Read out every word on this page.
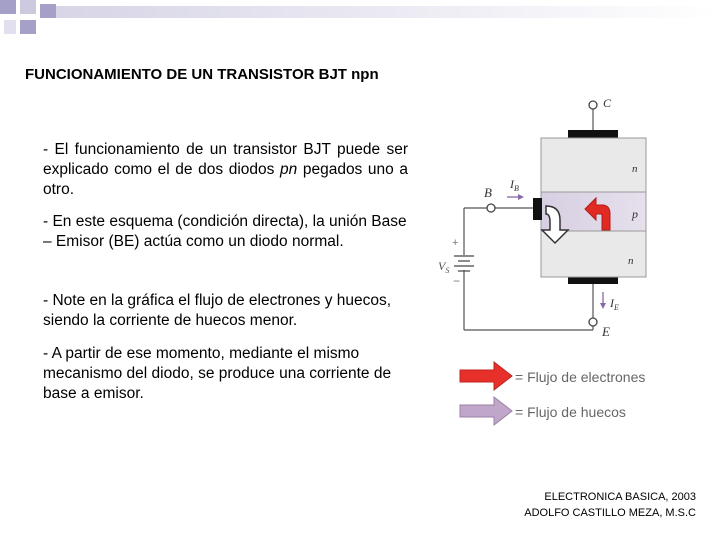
FUNCIONAMIENTO DE UN TRANSISTOR BJT npn
- El funcionamiento de un transistor BJT puede ser explicado como el de dos diodos pn pegados uno a otro.
- En este esquema (condición directa), la unión Base – Emisor (BE) actúa como un diodo normal.
- Note en la gráfica el flujo de electrones y huecos, siendo la corriente de huecos menor.
- A partir de ese momento, mediante el mismo mecanismo del diodo, se produce una corriente de base a emisor.
+
−
$V_S$
n
p
n
C
B
E
$I_B$
$I_E$
= Flujo de electrones
= Flujo de huecos
ELECTRONICA BASICA, 2003
ADOLFO CASTILLO MEZA, M.S.C
